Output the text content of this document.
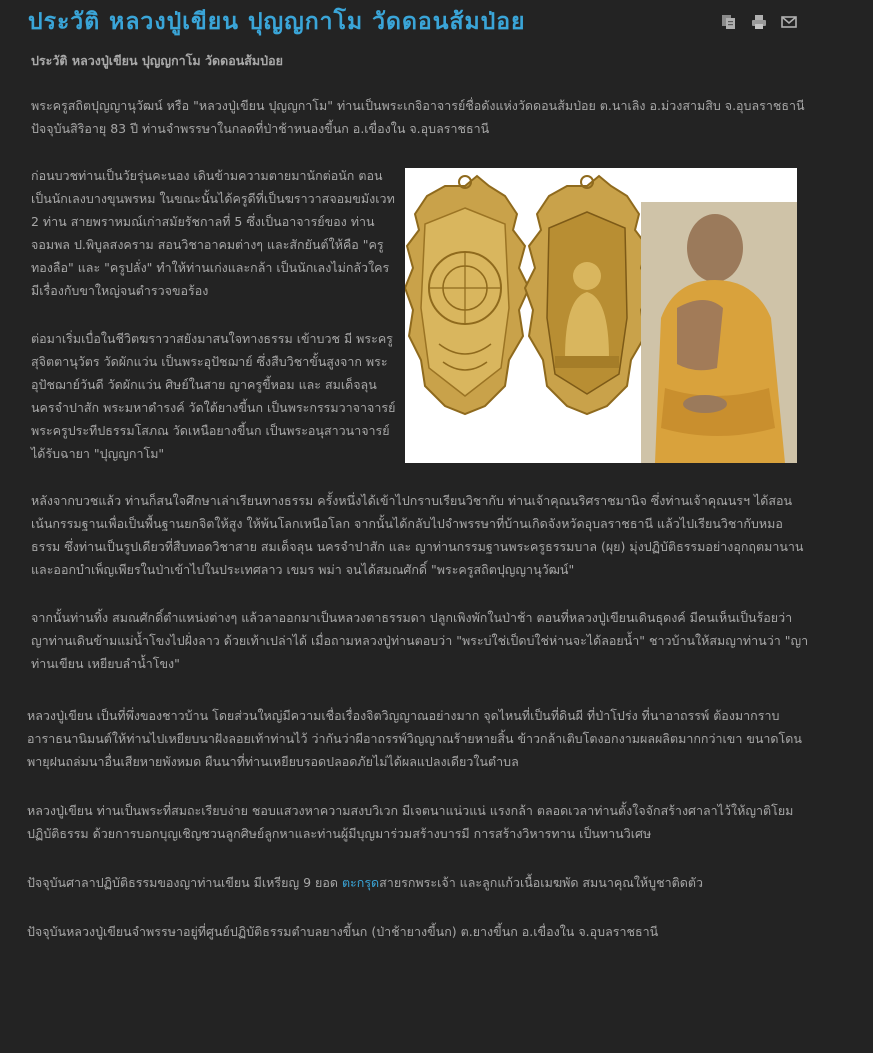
ประวัติ หลวงปู่เขียน ปุญญกาโม วัดดอนส้มป่อย
ประวัติ หลวงปู่เขียน ปุญญกาโม วัดดอนส้มป่อย

พระครูสถิตปุญญานุวัฒน์ หรือ "หลวงปู่เขียน ปุญญกาโม" ท่านเป็นพระเกจิอาจารย์ชื่อดังแห่งวัดดอนส้มป่อย ต.นาเลิง อ.ม่วงสามสิบ จ.อุบลราชธานี ปัจจุบันสิริอายุ 83 ปี ท่านจำพรรษาในกลดที่ป่าช้าหนองขี้นก อ.เขื่องใน จ.อุบลราชธานี

ก่อนบวชท่านเป็นวัยรุ่นคะนอง เดินข้ามความตายมานักต่อนัก ตอนเป็นนักเลงบางขุนพรหม ในขณะนั้นได้ครูดีที่เป็นฆราวาสจอมขมังเวท 2 ท่าน สายพราหมณ์เก่าสมัยรัชกาลที่ 5 ซึ่งเป็นอาจารย์ของ ท่านจอมพล ป.พิบูลสงคราม สอนวิชาอาคมต่างๆ และสักยันต์ให้คือ "ครูทองลือ" และ "ครูปลั่ง" ทำให้ท่านเก่งและกล้า เป็นนักเลงไม่กลัวใคร มีเรื่องกับขาใหญ่จนตำรวจขอร้อง

ต่อมาเริ่มเบื่อในชีวิตฆราวาสยังมาสนใจทางธรรม เข้าบวช มี พระครูสุจิตตานุวัตร วัดผักแว่น เป็นพระอุปัชฌาย์ ซึ่งสืบวิชาขั้นสูงจาก พระอุปัชฌาย์วันดี วัดผักแว่น ศิษย์ในสาย ญาครูขี้หอม และ สมเด็จลุน นครจำปาสัก พระมหาดำรงค์ วัดใต้ยางขี้นก เป็นพระกรรมวาจาจารย์ พระครูประทีปธรรมโสภณ วัดเหนือยางขี้นก เป็นพระอนุสาวนาจารย์ ได้รับฉายา "ปุญญกาโม"

หลังจากบวชแล้ว ท่านก็สนใจศึกษาเล่าเรียนทางธรรม ครั้งหนึ่งได้เข้าไปกราบเรียนวิชากับ ท่านเจ้าคุณนริศราชมานิจ ซึ่งท่านเจ้าคุณนรฯ ได้สอนเน้นกรรมฐานเพื่อเป็นพื้นฐานยกจิตให้สูง ให้พ้นโลกเหนือโลก จากนั้นได้กลับไปจำพรรษาที่บ้านเกิดจังหวัดอุบลราชธานี แล้วไปเรียนวิชากับหมอธรรม ซึ่งท่านเป็นรูปเดียวที่สืบทอดวิชาสาย สมเด็จลุน นครจำปาสัก และ ญาท่านกรรมฐานพระครูธรรมบาล (ผุย) มุ่งปฏิบัติธรรมอย่างอุกฤตมานานและออกบำเพ็ญเพียรในป่าเข้าไปในประเทศลาว เขมร พม่า จนได้สมณศักดิ์ "พระครูสถิตปุญญานุวัฒน์"

จากนั้นท่านทิ้ง สมณศักดิ์ตำแหน่งต่างๆ แล้วลาออกมาเป็นหลวงตาธรรมดา ปลูกเพิงพักในป่าช้า ตอนที่หลวงปู่เขียนเดินธุดงค์ มีคนเห็นเป็นร้อยว่า ญาท่านเดินข้ามแม่น้ำโขงไปฝั่งลาว ด้วยเท้าเปล่าได้ เมื่อถามหลวงปู่ท่านตอบว่า "พระบ่ใช่เป็ดบ่ใช่ห่านจะได้ลอยน้ำ" ชาวบ้านให้สมญาท่านว่า "ญาท่านเขียน เหยียบลำน้ำโขง"

หลวงปู่เขียน เป็นที่พึ่งของชาวบ้าน โดยส่วนใหญ่มีความเชื่อเรื่องจิตวิญญาณอย่างมาก จุดไหนที่เป็นที่ดินผี ที่ป่าโปร่ง ที่นาอาถรรพ์ ต้องมากราบอาราธนานิมนต์ให้ท่านไปเหยียบนาฝังลอยเท้าท่านไว้ ว่ากันว่าผีอาถรรพ์วิญญาณร้ายหายสิ้น ข้าวกล้าเติบโตงอกงามผลผลิตมากกว่าเขา ขนาดโดนพายุฝนถล่มนาอื่นเสียหายพังหมด ผืนนาที่ท่านเหยียบรอดปลอดภัยไม่ได้ผลแปลงเดียวในตำบล

หลวงปู่เขียน ท่านเป็นพระที่สมถะเรียบง่าย ชอบแสวงหาความสงบวิเวก มีเจตนาแน่วแน่ แรงกล้า ตลอดเวลาท่านตั้งใจจักสร้างศาลาไว้ให้ญาติโยมปฏิบัติธรรม ด้วยการบอกบุญเชิญชวนลูกศิษย์ลูกหาและท่านผู้มีบุญมาร่วมสร้างบารมี การสร้างวิหารทาน เป็นทานวิเศษ

ปัจจุบันศาลาปฏิบัติธรรมของญาท่านเขียน มีเหรียญ 9 ยอด ตะกรุดสายรกพระเจ้า และลูกแก้วเนื้อเมฆพัด สมนาคุณให้บูชาติดตัว

ปัจจุบันหลวงปู่เขียนจำพรรษาอยู่ที่ศูนย์ปฏิบัติธรรมตำบลยางขี้นก (ป่าช้ายางขี้นก) ต.ยางขี้นก อ.เขื่องใน จ.อุบลราชธานี
